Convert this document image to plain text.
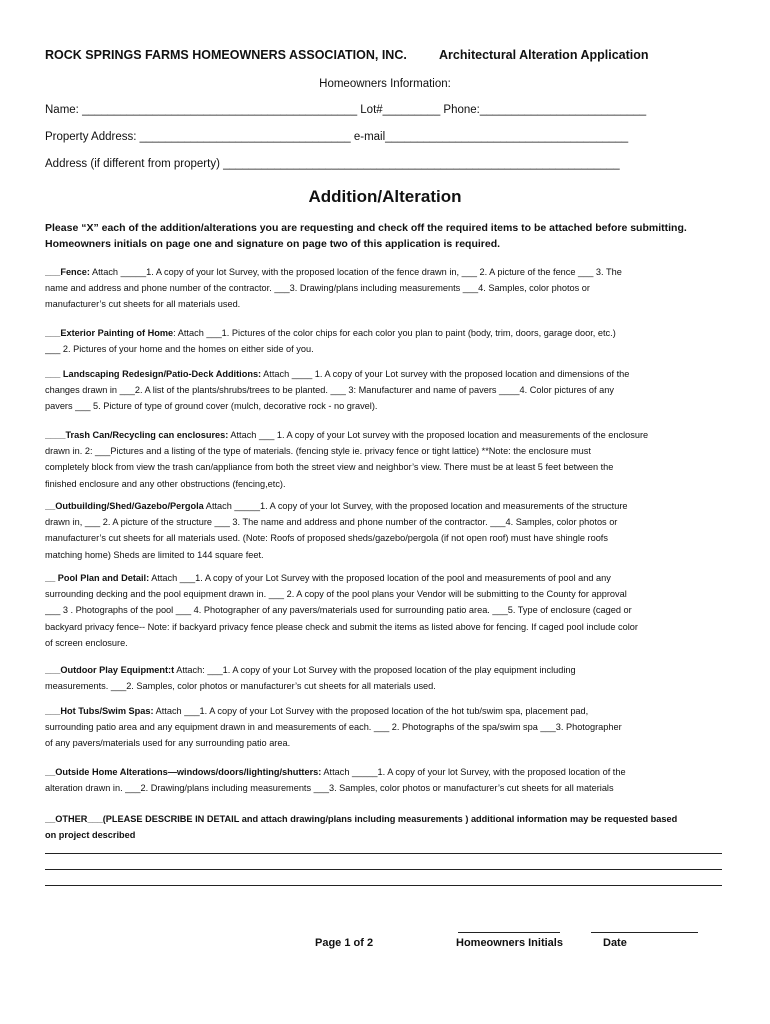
ROCK SPRINGS FARMS HOMEOWNERS ASSOCIATION, INC.	Architectural Alteration Application
Homeowners Information:
Name: ___________________________________________ Lot#_________ Phone:__________________________
Property Address: _________________________________ e-mail______________________________________
Address (if different from property) ______________________________________________________________
Addition/Alteration
Please “X” each of the addition/alterations you are requesting and check off the required items to be attached before submitting.
Homeowners initials on page one and signature on page two of this application is required.
___Fence: Attach _____1. A copy of your lot Survey, with the proposed location of the fence drawn in, ___ 2. A picture of the fence ___ 3. The
name and address and phone number of the contractor. ___3. Drawing/plans including measurements ___4. Samples, color photos or
manufacturer’s cut sheets for all materials used.
___Exterior Painting of Home: Attach ___1. Pictures of the color chips for each color you plan to paint (body, trim, doors, garage door, etc.)
___ 2. Pictures of your home and the homes on either side of you.
___ Landscaping Redesign/Patio-Deck Additions: Attach ____ 1. A copy of your Lot survey with the proposed location and dimensions of the
changes drawn in ___2. A list of the plants/shrubs/trees to be planted. ___ 3: Manufacturer and name of pavers ____4. Color pictures of any
pavers ___ 5. Picture of type of ground cover (mulch, decorative rock - no gravel).
____Trash Can/Recycling can enclosures: Attach ___ 1. A copy of your Lot survey with the proposed location and measurements of the enclosure
drawn in. 2: ___Pictures and a listing of the type of materials. (fencing style ie. privacy fence or tight lattice) **Note: the enclosure must
completely block from view the trash can/appliance from both the street view and neighbor’s view. There must be at least 5 feet between the
finished enclosure and any other obstructions (fencing,etc).
__Outbuilding/Shed/Gazebo/Pergola Attach _____1. A copy of your lot Survey, with the proposed location and measurements of the structure
drawn in, ___ 2. A picture of the structure ___ 3. The name and address and phone number of the contractor. ___4. Samples, color photos or
manufacturer’s cut sheets for all materials used. (Note: Roofs of proposed sheds/gazebo/pergola (if not open roof) must have shingle roofs
matching home) Sheds are limited to 144 square feet.
__ Pool Plan and Detail: Attach ___1. A copy of your Lot Survey with the proposed location of the pool and measurements of pool and any
surrounding decking and the pool equipment drawn in. ___ 2. A copy of the pool plans your Vendor will be submitting to the County for approval
___ 3 . Photographs of the pool ___ 4. Photographer of any pavers/materials used for surrounding patio area. ___5. Type of enclosure (caged or
backyard privacy fence-- Note: if backyard privacy fence please check and submit the items as listed above for fencing. If caged pool include color
of screen enclosure.
___Outdoor Play Equipment:t Attach: ___1. A copy of your Lot Survey with the proposed location of the play equipment including
measurements. ___2. Samples, color photos or manufacturer’s cut sheets for all materials used.
___Hot Tubs/Swim Spas: Attach ___1. A copy of your Lot Survey with the proposed location of the hot tub/swim spa, placement pad,
surrounding patio area and any equipment drawn in and measurements of each. ___ 2. Photographs of the spa/swim spa ___3. Photographer
of any pavers/materials used for any surrounding patio area.
__Outside Home Alterations—windows/doors/lighting/shutters: Attach _____1. A copy of your lot Survey, with the proposed location of the
alteration drawn in. ___2. Drawing/plans including measurements ___3. Samples, color photos or manufacturer’s cut sheets for all materials
__OTHER___(PLEASE DESCRIBE IN DETAIL and attach drawing/plans including measurements ) additional information may be requested based
on project described
Page 1 of 2	Homeowners Initials	Date
